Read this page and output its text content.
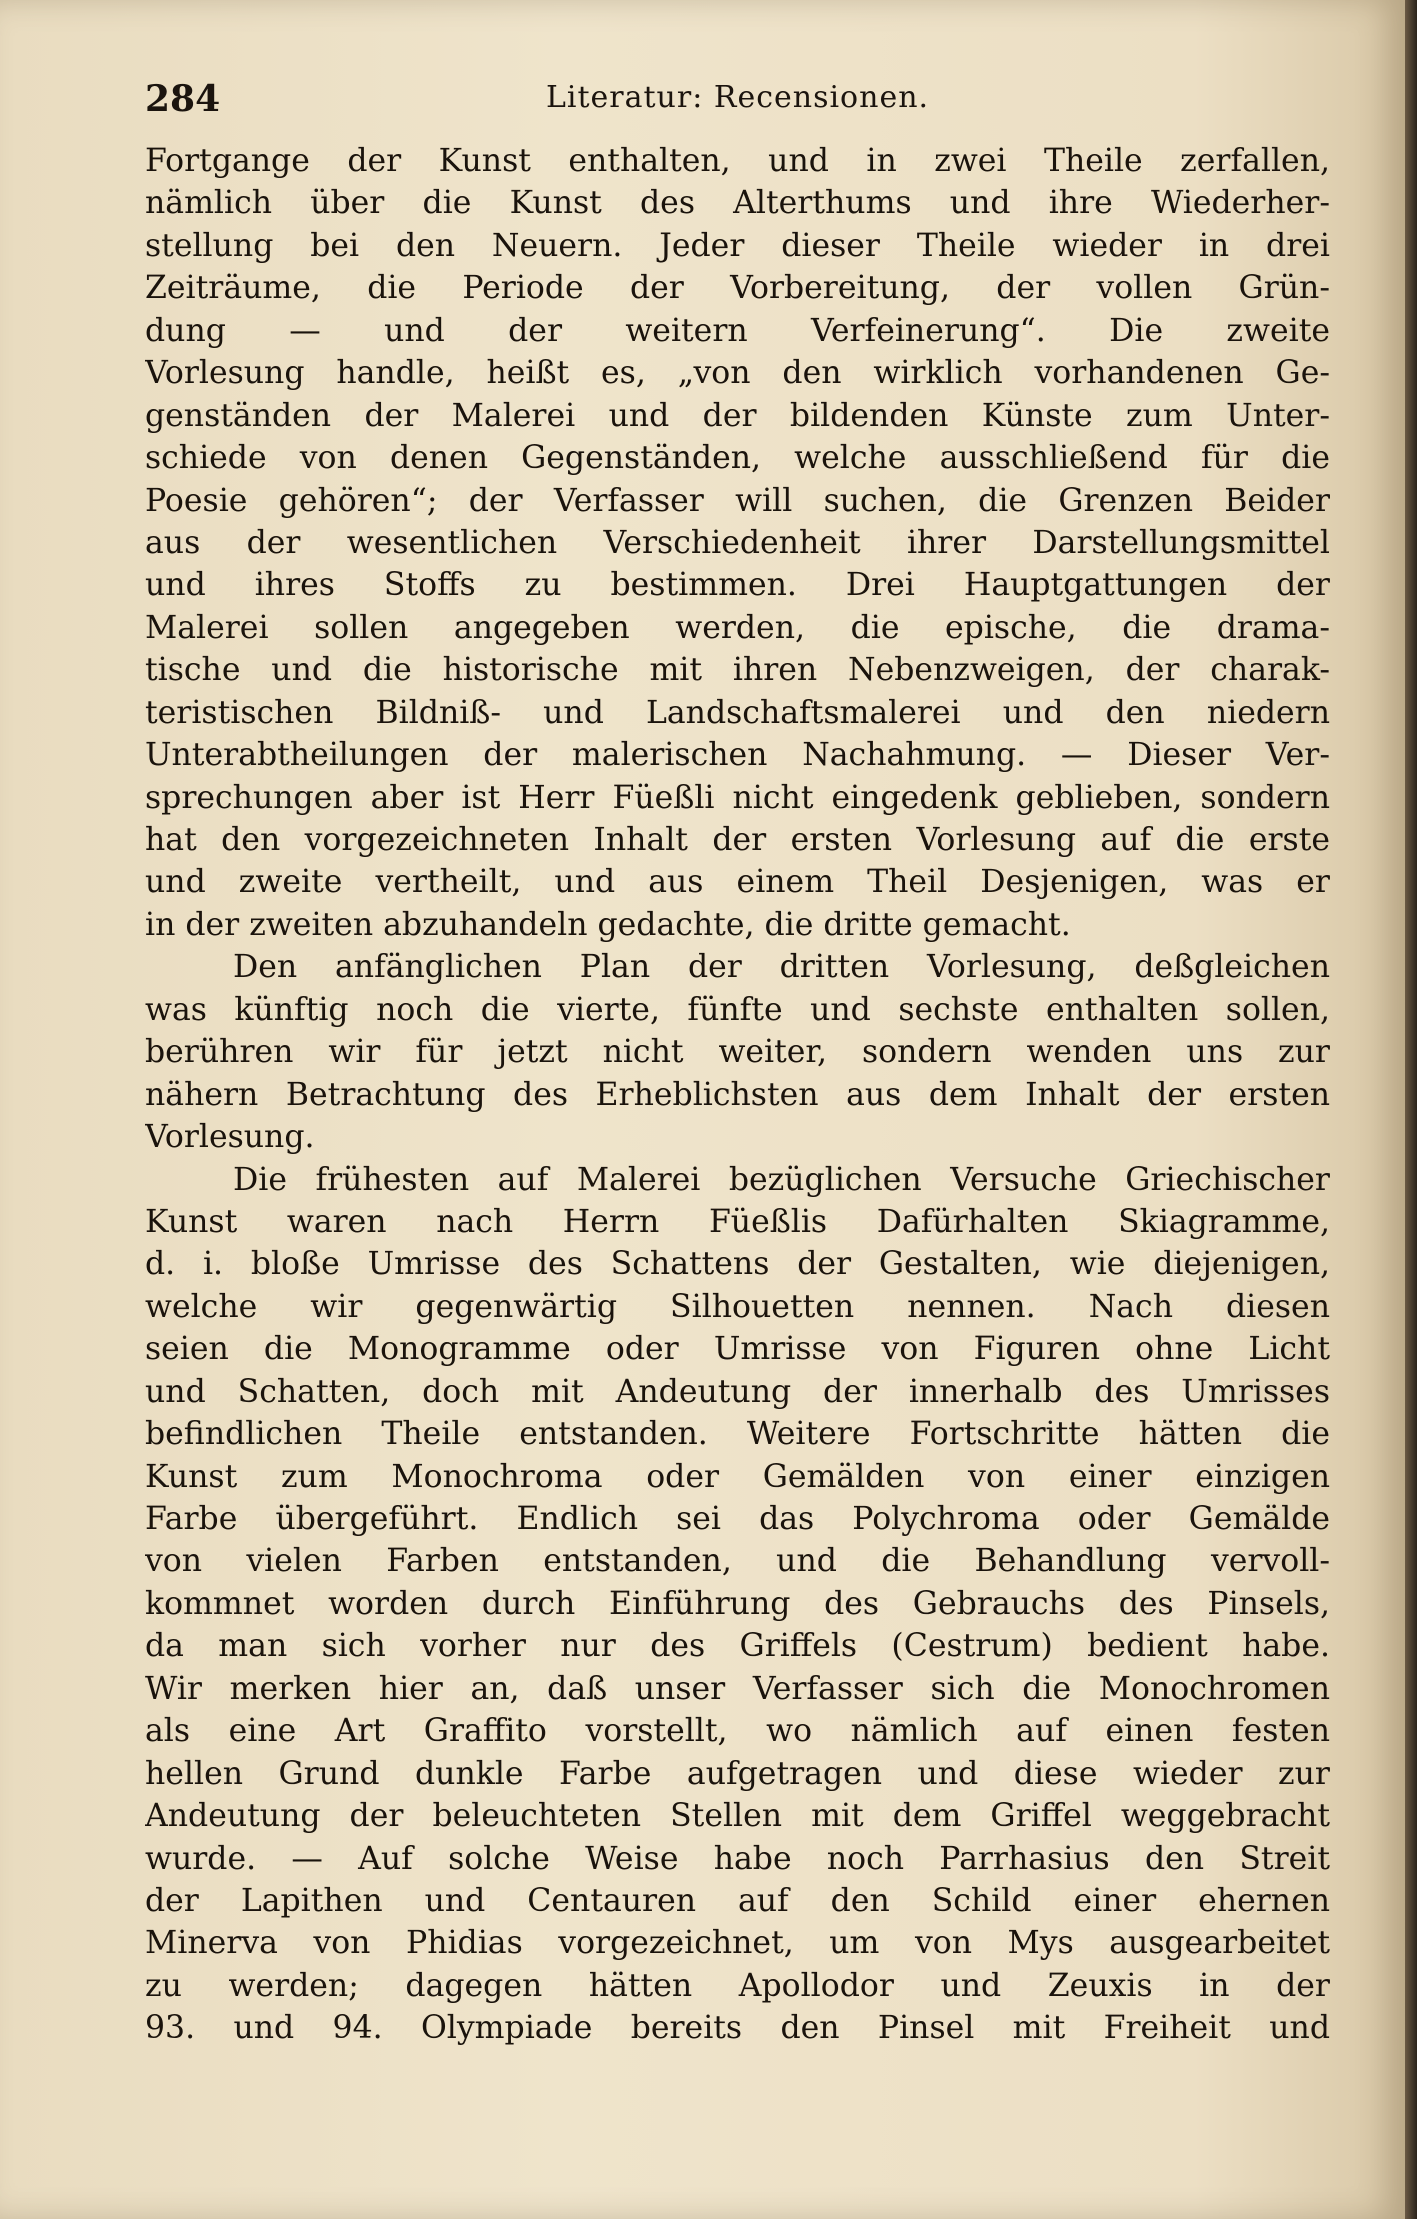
284	Literatur: Recensionen.
Fortgange der Kunst enthalten, und in zwei Theile zerfallen,
nämlich über die Kunst des Alterthums und ihre Wiederher-
stellung bei den Neuern. Jeder dieser Theile wieder in drei
Zeiträume, die Periode der Vorbereitung, der vollen Grün-
dung — und der weitern Verfeinerung“. Die zweite
Vorlesung handle, heißt es, „von den wirklich vorhandenen Ge-
genständen der Malerei und der bildenden Künste zum Unter-
schiede von denen Gegenständen, welche ausschließend für die
Poesie gehören“; der Verfasser will suchen, die Grenzen Beider
aus der wesentlichen Verschiedenheit ihrer Darstellungsmittel
und ihres Stoffs zu bestimmen. Drei Hauptgattungen der
Malerei sollen angegeben werden, die epische, die drama-
tische und die historische mit ihren Nebenzweigen, der charak-
teristischen Bildniß- und Landschaftsmalerei und den niedern
Unterabtheilungen der malerischen Nachahmung. — Dieser Ver-
sprechungen aber ist Herr Füeßli nicht eingedenk geblieben, sondern
hat den vorgezeichneten Inhalt der ersten Vorlesung auf die erste
und zweite vertheilt, und aus einem Theil Desjenigen, was er
in der zweiten abzuhandeln gedachte, die dritte gemacht.
Den anfänglichen Plan der dritten Vorlesung, deßgleichen
was künftig noch die vierte, fünfte und sechste enthalten sollen,
berühren wir für jetzt nicht weiter, sondern wenden uns zur
nähern Betrachtung des Erheblichsten aus dem Inhalt der ersten
Vorlesung.
Die frühesten auf Malerei bezüglichen Versuche Griechischer
Kunst waren nach Herrn Füeßlis Dafürhalten Skiagramme,
d. i. bloße Umrisse des Schattens der Gestalten, wie diejenigen,
welche wir gegenwärtig Silhouetten nennen. Nach diesen
seien die Monogramme oder Umrisse von Figuren ohne Licht
und Schatten, doch mit Andeutung der innerhalb des Umrisses
befindlichen Theile entstanden. Weitere Fortschritte hätten die
Kunst zum Monochroma oder Gemälden von einer einzigen
Farbe übergeführt. Endlich sei das Polychroma oder Gemälde
von vielen Farben entstanden, und die Behandlung vervoll-
kommnet worden durch Einführung des Gebrauchs des Pinsels,
da man sich vorher nur des Griffels (Cestrum) bedient habe.
Wir merken hier an, daß unser Verfasser sich die Monochromen
als eine Art Graffito vorstellt, wo nämlich auf einen festen
hellen Grund dunkle Farbe aufgetragen und diese wieder zur
Andeutung der beleuchteten Stellen mit dem Griffel weggebracht
wurde. — Auf solche Weise habe noch Parrhasius den Streit
der Lapithen und Centauren auf den Schild einer ehernen
Minerva von Phidias vorgezeichnet, um von Mys ausgearbeitet
zu werden; dagegen hätten Apollodor und Zeuxis in der
93. und 94. Olympiade bereits den Pinsel mit Freiheit und
